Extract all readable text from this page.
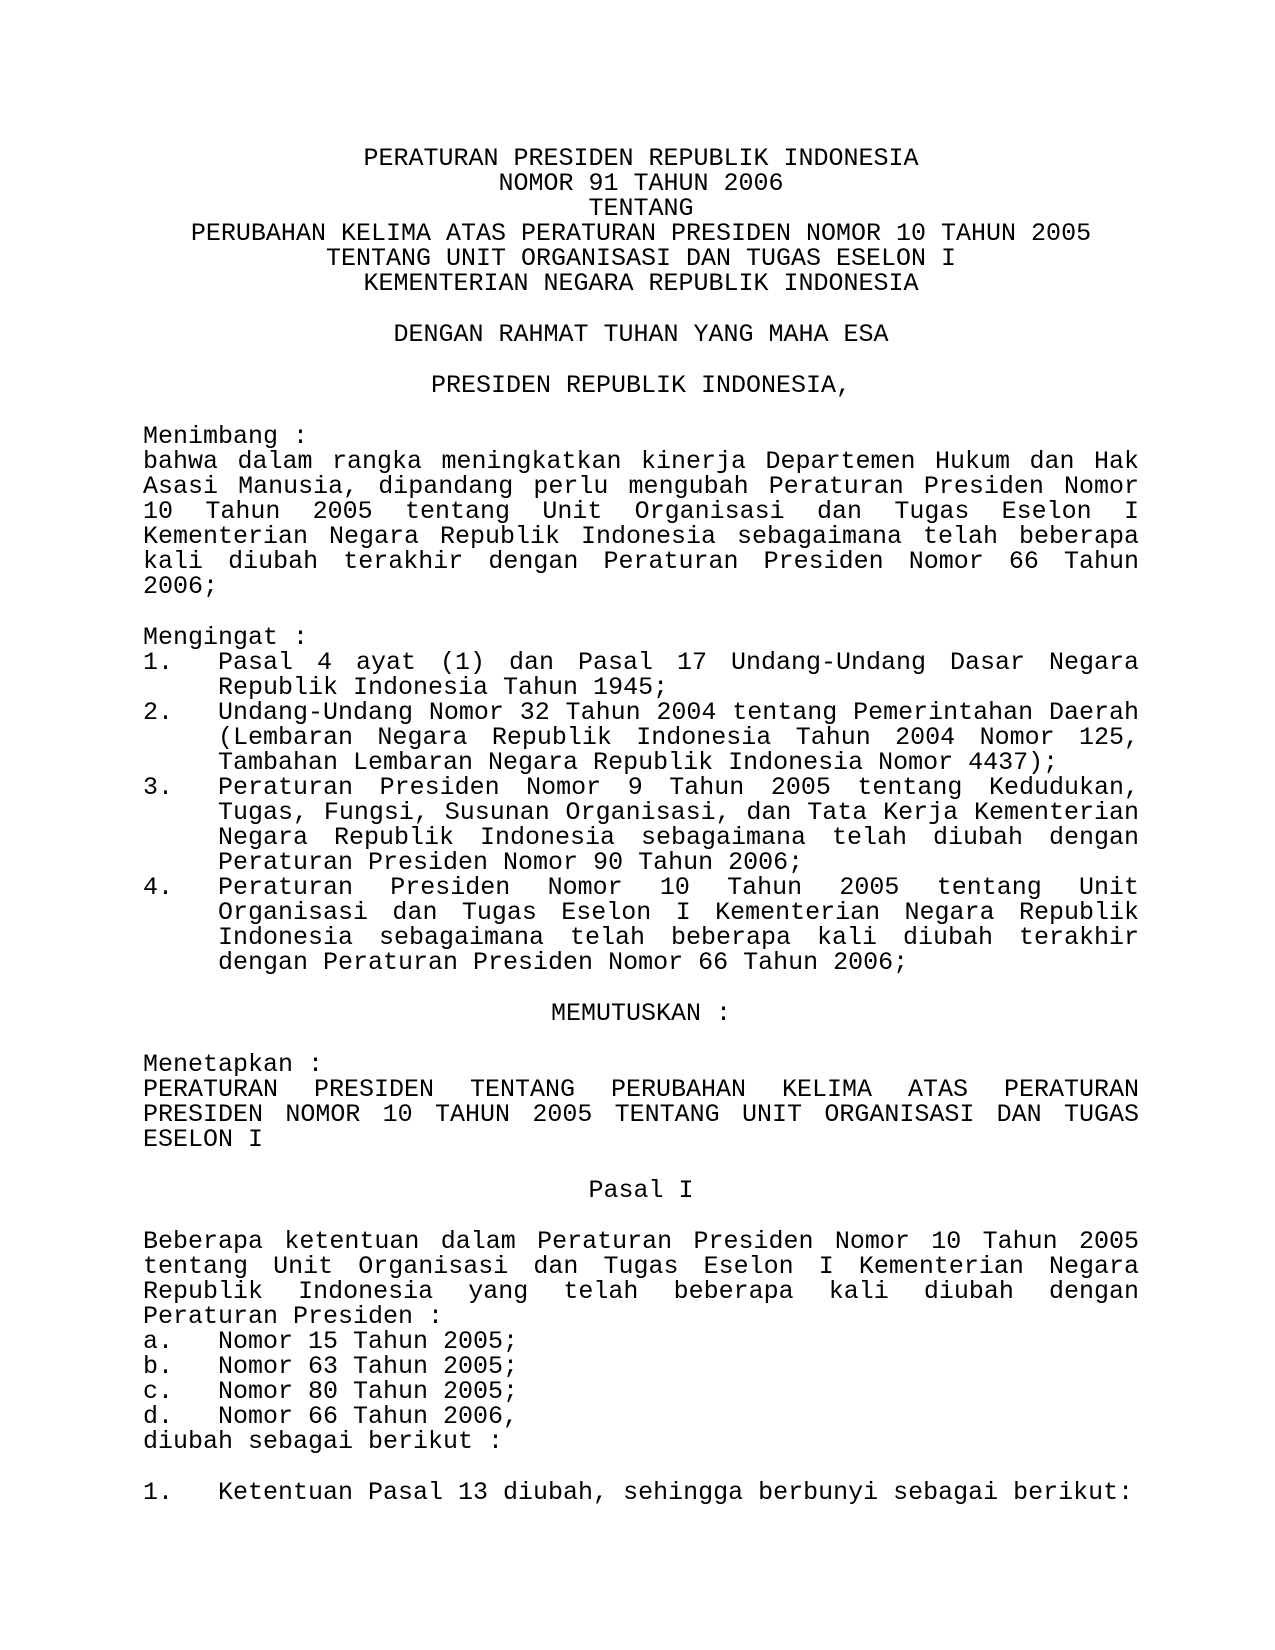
PERATURAN PRESIDEN REPUBLIK INDONESIA
NOMOR 91 TAHUN 2006
TENTANG
PERUBAHAN KELIMA ATAS PERATURAN PRESIDEN NOMOR 10 TAHUN 2005
TENTANG UNIT ORGANISASI DAN TUGAS ESELON I
KEMENTERIAN NEGARA REPUBLIK INDONESIA
DENGAN RAHMAT TUHAN YANG MAHA ESA
PRESIDEN REPUBLIK INDONESIA,
Menimbang :
bahwa dalam rangka meningkatkan kinerja Departemen Hukum dan Hak Asasi Manusia, dipandang perlu mengubah Peraturan Presiden Nomor 10 Tahun 2005 tentang Unit Organisasi dan Tugas Eselon I Kementerian Negara Republik Indonesia sebagaimana telah beberapa kali diubah terakhir dengan Peraturan Presiden Nomor 66 Tahun 2006;
Mengingat :
1. Pasal 4 ayat (1) dan Pasal 17 Undang-Undang Dasar Negara Republik Indonesia Tahun 1945;
2. Undang-Undang Nomor 32 Tahun 2004 tentang Pemerintahan Daerah (Lembaran Negara Republik Indonesia Tahun 2004 Nomor 125, Tambahan Lembaran Negara Republik Indonesia Nomor 4437);
3. Peraturan Presiden Nomor 9 Tahun 2005 tentang Kedudukan, Tugas, Fungsi, Susunan Organisasi, dan Tata Kerja Kementerian Negara Republik Indonesia sebagaimana telah diubah dengan Peraturan Presiden Nomor 90 Tahun 2006;
4. Peraturan Presiden Nomor 10 Tahun 2005 tentang Unit Organisasi dan Tugas Eselon I Kementerian Negara Republik Indonesia sebagaimana telah beberapa kali diubah terakhir dengan Peraturan Presiden Nomor 66 Tahun 2006;
MEMUTUSKAN :
Menetapkan :
PERATURAN PRESIDEN TENTANG PERUBAHAN KELIMA ATAS PERATURAN PRESIDEN NOMOR 10 TAHUN 2005 TENTANG UNIT ORGANISASI DAN TUGAS ESELON I
Pasal I
Beberapa ketentuan dalam Peraturan Presiden Nomor 10 Tahun 2005 tentang Unit Organisasi dan Tugas Eselon I Kementerian Negara Republik Indonesia yang telah beberapa kali diubah dengan Peraturan Presiden :
a. Nomor 15 Tahun 2005;
b. Nomor 63 Tahun 2005;
c. Nomor 80 Tahun 2005;
d. Nomor 66 Tahun 2006,
diubah sebagai berikut :
1. Ketentuan Pasal 13 diubah, sehingga berbunyi sebagai berikut:
